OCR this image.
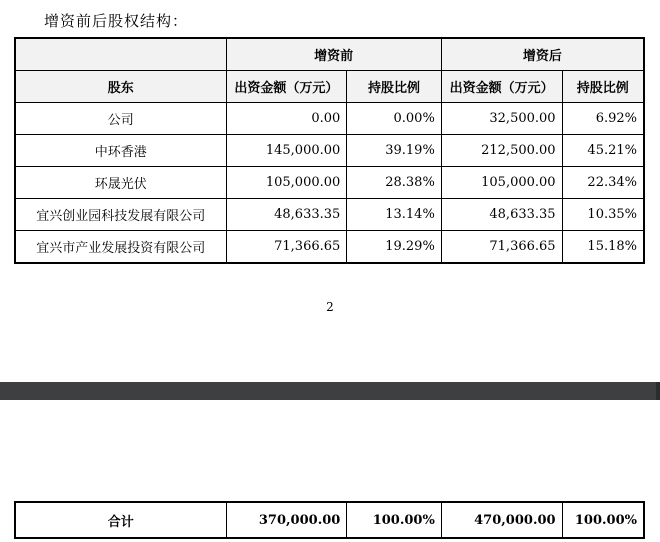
增资前后股权结构：
	增资前		增资后	
股东	出资金额（万元）	持股比例	出资金额（万元）	持股比例
公司	0.00	0.00%	32,500.00	6.92%
中环香港	145,000.00	39.19%	212,500.00	45.21%
环晟光伏	105,000.00	28.38%	105,000.00	22.34%
宜兴创业园科技发展有限公司	48,633.35	13.14%	48,633.35	10.35%
宜兴市产业发展投资有限公司	71,366.65	19.29%	71,366.65	15.18%
2
合计	370,000.00	100.00%	470,000.00	100.00%
